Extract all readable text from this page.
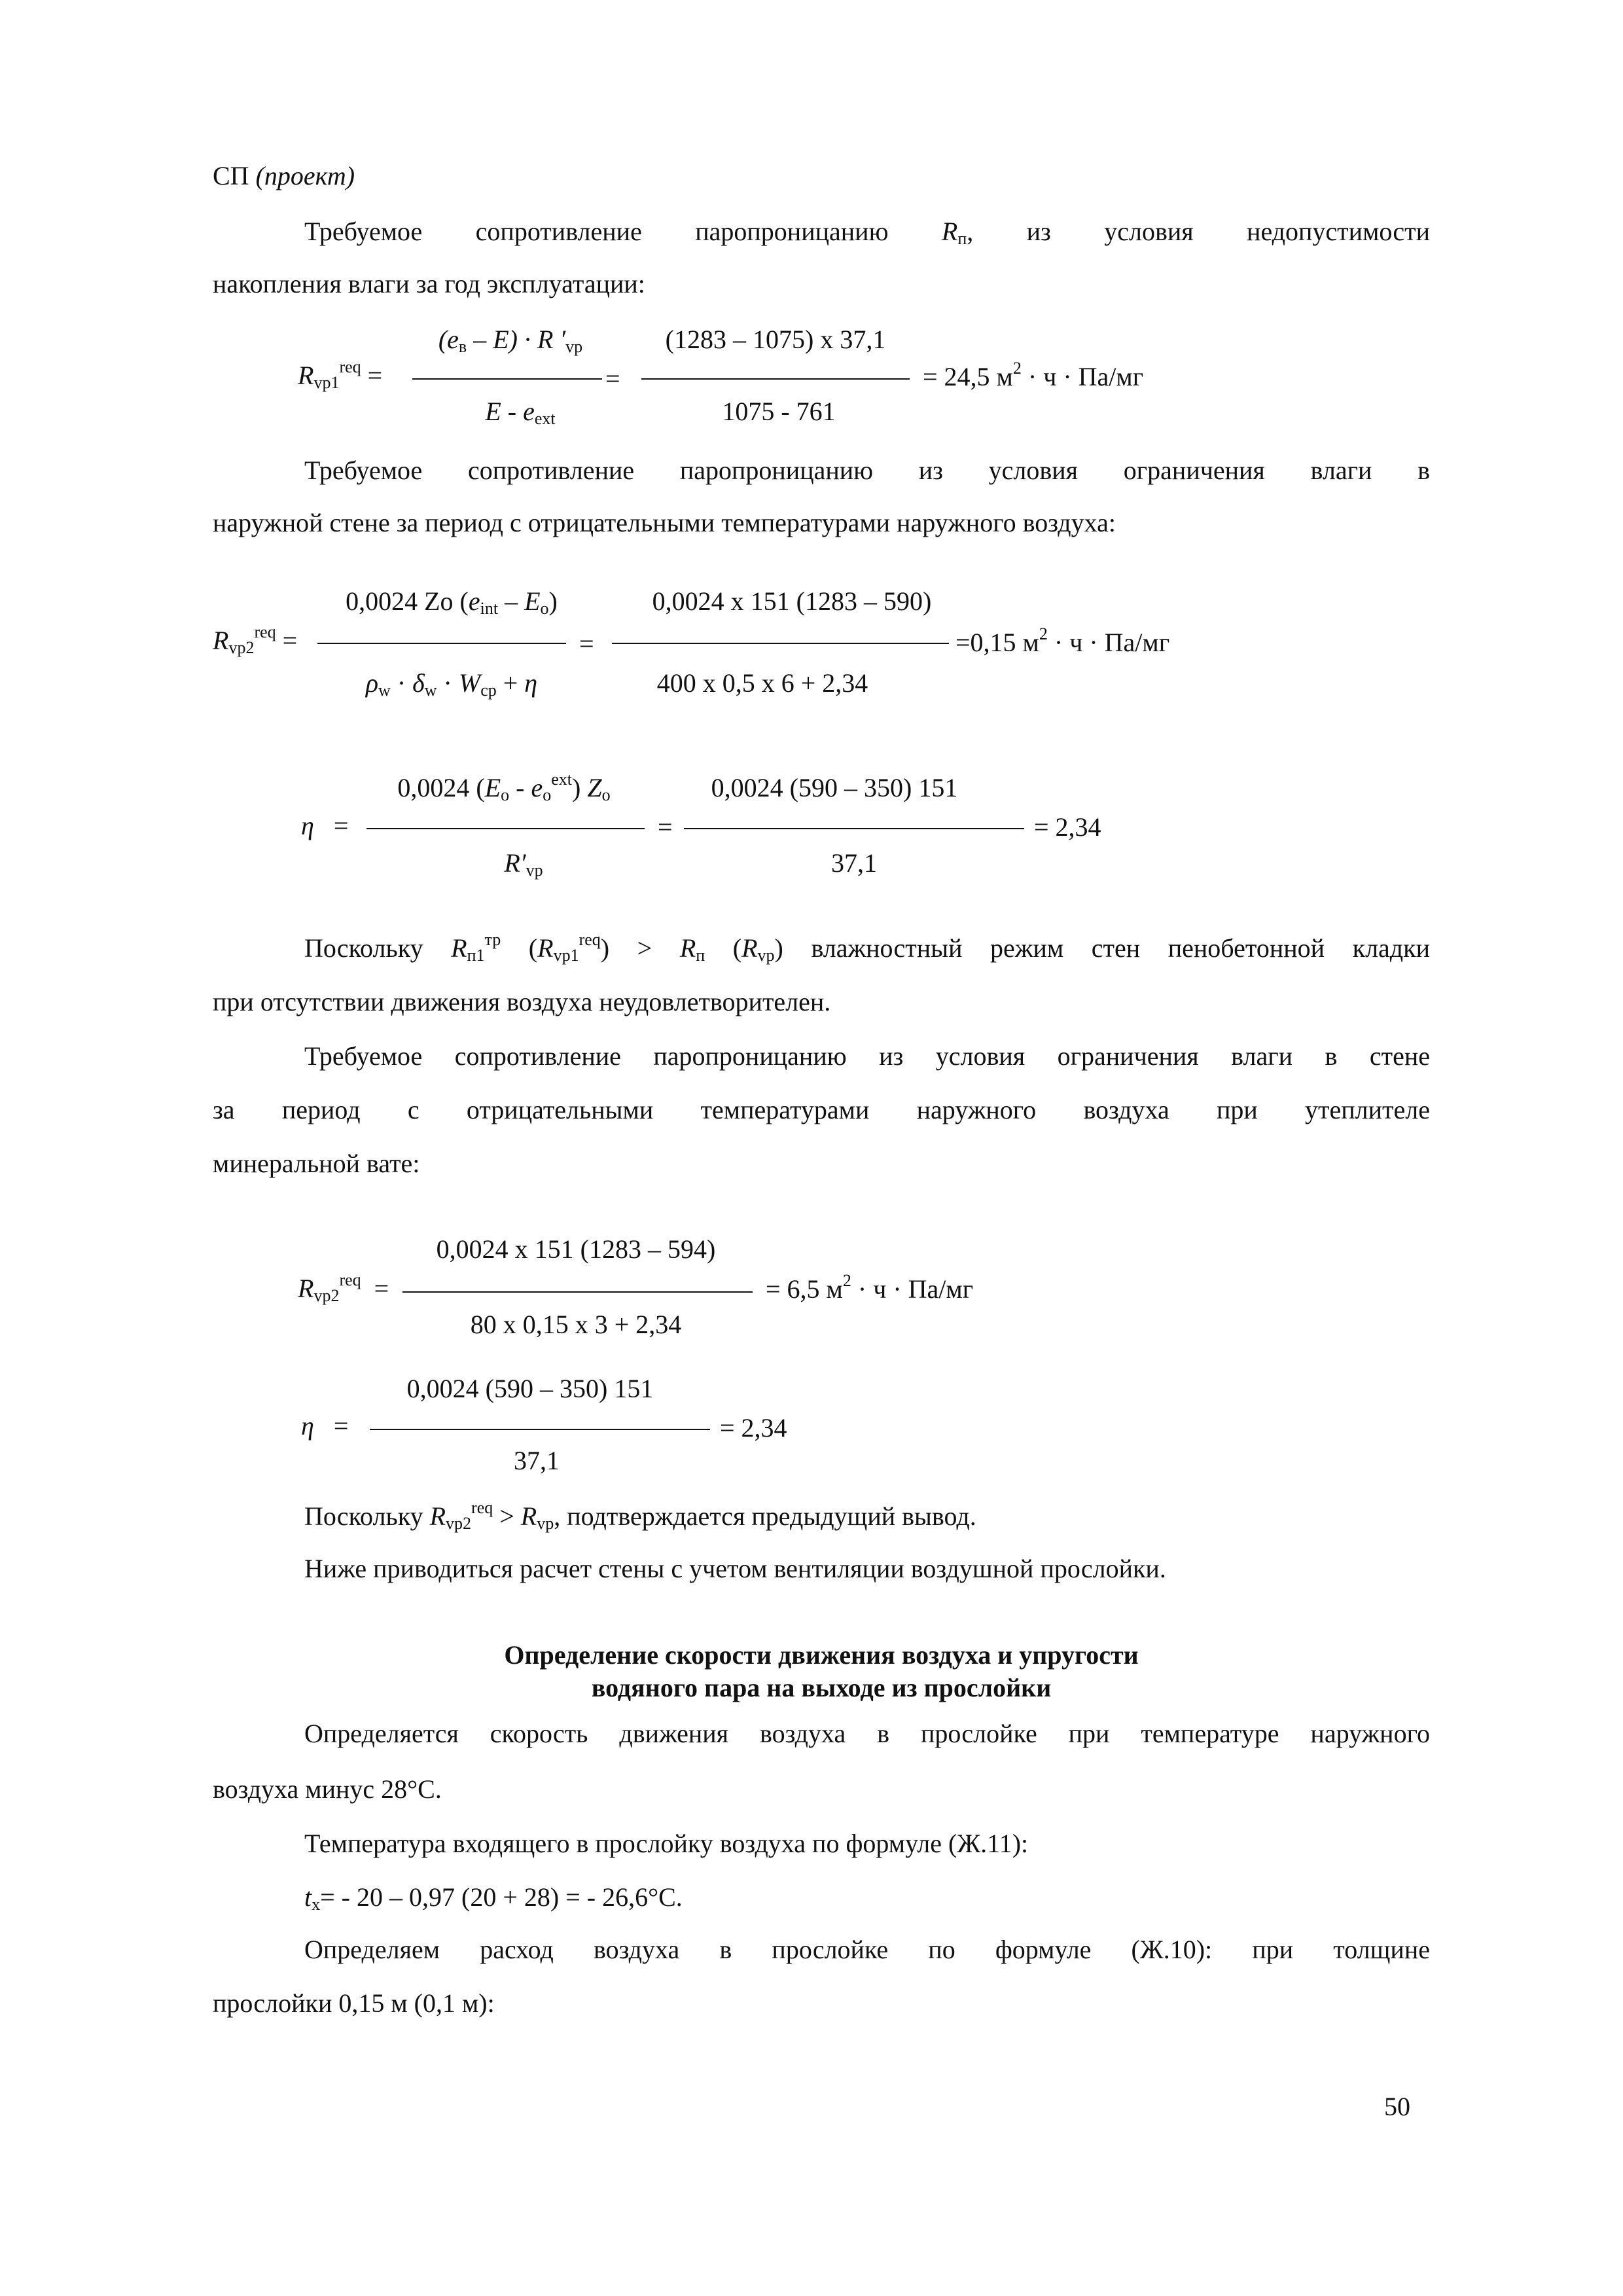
СП (проект)
Требуемое сопротивление паропроницанию $R_п$, из условия недопустимости
накопления влаги за год эксплуатации:
$(e_в - E) \cdot R$ $'_{vp}$
$R_{vp1}^{req}$ =	=
E - $e_{ext}$
(1283 – 1075) х 37,1
1075 - 761
= 24,5 $м^2 \cdot ч \cdot Па/мг$
Требуемое сопротивление паропроницанию из условия ограничения влаги в
наружной стене за период с отрицательными температурами наружного воздуха:
0,0024 Zo $(e_{int} - E_o)$
$R_{vp2}^{req}$ =	=
$\rho_w \cdot \delta_w \cdot W_{ср} + \eta$
0,0024 х 151 (1283 – 590)
400 х 0,5 х 6 + 2,34
=0,15 $м^2 \cdot ч \cdot Па/мг$
0,0024 $(E_o - e_o^{ext})$ $Z_o$
η =	=
$R'_{vp}$
0,0024 (590 – 350) 151
37,1
= 2,34
Поскольку $R_{п1}^{тр}$ $(R_{vp1}^{req}) > R_п$ $(R_{vp})$ влажностный режим стен пенобетонной кладки
при отсутствии движения воздуха неудовлетворителен.
Требуемое сопротивление паропроницанию из условия ограничения влаги в стене
за период с отрицательными температурами наружного воздуха при утеплителе
минеральной вате:
0,0024 х 151 (1283 – 594)
$R_{vp2}^{req}$ =
80 х 0,15 х 3 + 2,34
= 6,5 $м^2 \cdot ч \cdot Па/мг$
0,0024 (590 – 350) 151
η =
37,1
= 2,34
Поскольку $R_{vp2}^{req} > R_{vp}$, подтверждается предыдущий вывод.
Ниже приводиться расчет стены с учетом вентиляции воздушной прослойки.
Определение скорости движения воздуха и упругости
водяного пара на выходе из прослойки
Определяется скорость движения воздуха в прослойке при температуре наружного
воздуха минус 28°С.
Температура входящего в прослойку воздуха по формуле (Ж.11):
$t_х= - 20 - 0,97$ (20 + 28) = - 26,6°С.
Определяем расход воздуха в прослойке по формуле (Ж.10): при толщине
прослойки 0,15 м (0,1 м):
50
